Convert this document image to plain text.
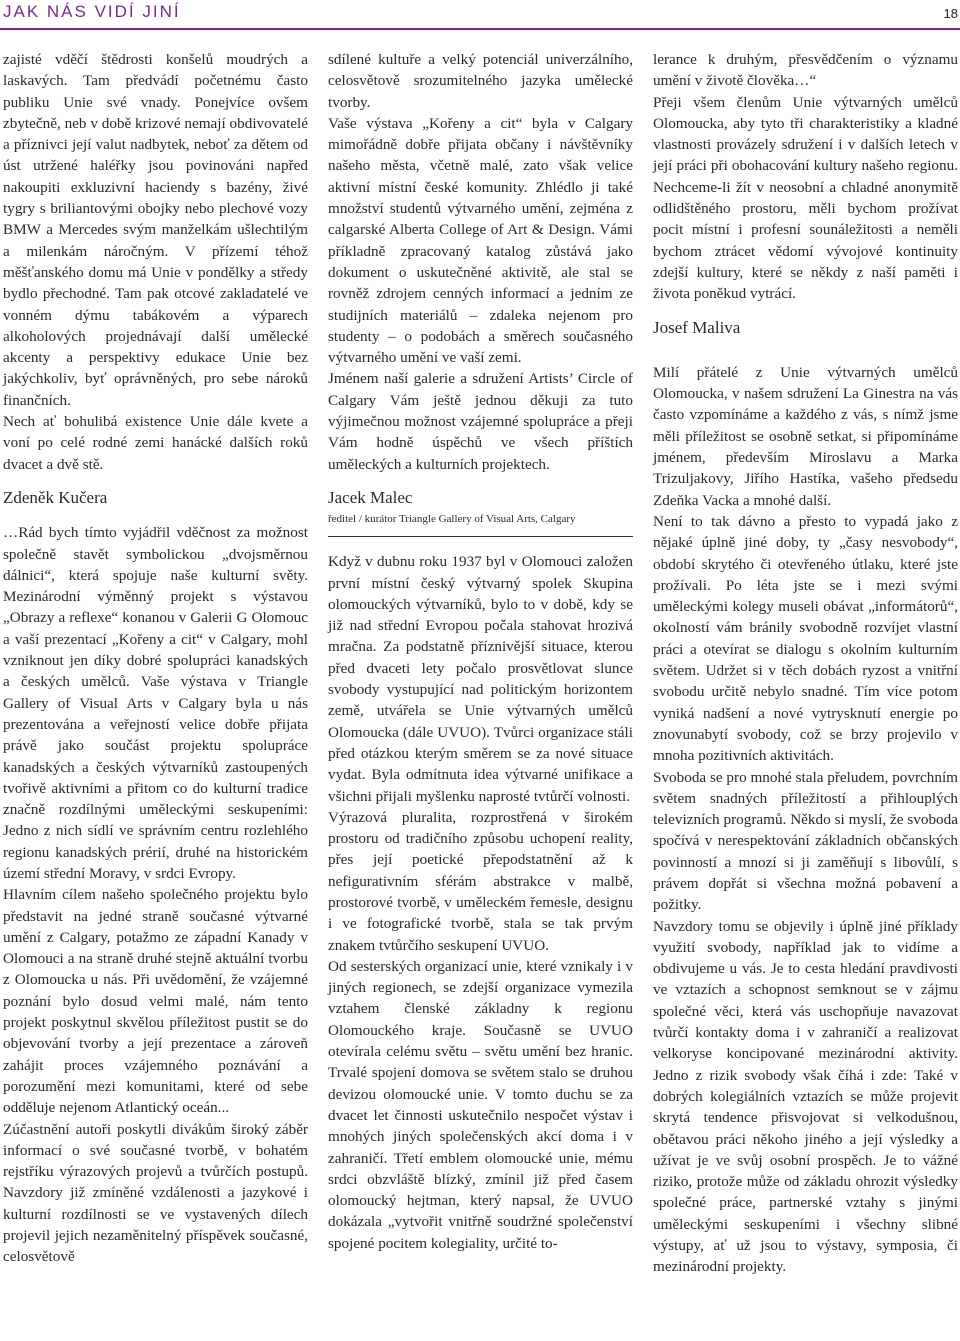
JAK NÁS VIDÍ JINÍ	18

zajisté vděčí štědrosti konšelů moudrých a laskavých. Tam předvádí početnému často publiku Unie své vnady. Ponejvíce ovšem zbytečně, neb v době krizové nemají obdivovatelé a příznivci její valut nadbytek, neboť za dětem od úst utržené haléřky jsou povinováni napřed nakoupiti exkluzivní haciendy s bazény, živé tygry s briliantovými obojky nebo plechové vozy BMW a Mercedes svým manželkám ušlechtilým a milenkám náročným. V přízemí téhož měšťanského domu má Unie v pondělky a středy bydlo přechodné. Tam pak otcové zakladatelé ve vonném dýmu tabákovém a výparech alkoholových projednávají další umělecké akcenty a perspektivy edukace Unie bez jakýchkoliv, byť oprávněných, pro sebe nároků finančních.

Nech ať bohulibá existence Unie dále kvete a voní po celé rodné zemi hanácké dalších roků dvacet a dvě stě.

Zdeněk Kučera

…Rád bych tímto vyjádřil vděčnost za možnost společně stavět symbolickou „dvojsměrnou dálnici“, která spojuje naše kulturní světy. Mezinárodní výměnný projekt s výstavou „Obrazy a reflexe“ konanou v Galerii G Olomouc a vaší prezentací „Kořeny a cit“ v Calgary, mohl vzniknout jen díky dobré spolupráci kanadských a českých umělců. Vaše výstava v Triangle Gallery of Visual Arts v Calgary byla u nás prezentována a veřejností velice dobře přijata právě jako součást projektu spolupráce kanadských a českých výtvarníků zastoupených tvořivě aktivními a přitom co do kulturní tradice značně rozdílnými uměleckými seskupeními: Jedno z nich sídlí ve správním centru rozlehlého regionu kanadských prérií, druhé na historickém území střední Moravy, v srdci Evropy.

Hlavním cílem našeho společného projektu bylo představit na jedné straně současné výtvarné umění z Calgary, potažmo ze západní Kanady v Olomouci a na straně druhé stejně aktuální tvorbu z Olomoucka u nás. Při uvědomění, že vzájemné poznání bylo dosud velmi malé, nám tento projekt poskytnul skvělou příležitost pustit se do objevování tvorby a její prezentace a zároveň zahájit proces vzájemného poznávání a porozumění mezi komunitami, které od sebe odděluje nejenom Atlantický oceán...

Zúčastnění autoři poskytli divákům široký záběr informací o své současné tvorbě, v bohatém rejstříku výrazových projevů a tvůrčích postupů. Navzdory již zmíněné vzdálenosti a jazykové i kulturní rozdílnosti se ve vystavených dílech projevil jejich nezaměnitelný příspěvek současné, celosvětově

sdílené kultuře a velký potenciál univerzálního, celosvětově srozumitelného jazyka umělecké tvorby.

Vaše výstava „Kořeny a cit“ byla v Calgary mimořádně dobře přijata občany i návštěvníky našeho města, včetně malé, zato však velice aktivní místní české komunity. Zhlédlo ji také množství studentů výtvarného umění, zejména z calgarské Alberta College of Art & Design. Vámi příkladně zpracovaný katalog zůstává jako dokument o uskutečněné aktivitě, ale stal se rovněž zdrojem cenných informací a jedním ze studijních materiálů – zdaleka nejenom pro studenty – o podobách a směrech současného výtvarného umění ve vaší zemi.

Jménem naší galerie a sdružení Artists’ Circle of Calgary Vám ještě jednou děkuji za tuto výjimečnou možnost vzájemné spolupráce a přeji Vám hodně úspěchů ve všech příštích uměleckých a kulturních projektech.

Jacek Malec

ředitel / kurátor Triangle Gallery of Visual Arts, Calgary

Když v dubnu roku 1937 byl v Olomouci založen první místní český výtvarný spolek Skupina olomouckých výtvarníků, bylo to v době, kdy se již nad střední Evropou počala stahovat hrozivá mračna. Za podstatně příznivější situace, kterou před dvaceti lety počalo prosvětlovat slunce svobody vystupující nad politickým horizontem země, utvářela se Unie výtvarných umělců Olomoucka (dále UVUO). Tvůrci organizace stáli před otázkou kterým směrem se za nové situace vydat. Byla odmítnuta idea výtvarné unifikace a všichni přijali myšlenku naprosté tvtůrčí volnosti.

Výrazová pluralita, rozprostřená v širokém prostoru od tradičního způsobu uchopení reality, přes její poetické přepodstatnění až k nefigurativním sférám abstrakce v malbě, prostorové tvorbě, v uměleckém řemesle, designu i ve fotografické tvorbě, stala se tak prvým znakem tvtůrčího seskupení UVUO.

Od sesterských organizací unie, které vznikaly i v jiných regionech, se zdejší organizace vymezila vztahem členské základny k regionu Olomouckého kraje. Současně se UVUO otevírala celému světu – světu umění bez hranic. Trvalé spojení domova se světem stalo se druhou devizou olomoucké unie. V tomto duchu se za dvacet let činnosti uskutečnilo nespočet výstav i mnohých jiných společenských akcí doma i v zahraničí. Třetí emblem olomoucké unie, mému srdci obzvláště blízký, zmínil již před časem olomoucký hejtman, který napsal, že UVUO dokázala „vytvořit vnitřně soudržné společenství spojené pocitem kolegiality, určité to-

lerance k druhým, přesvědčením o významu umění v životě člověka…“

Přeji všem členům Unie výtvarných umělců Olomoucka, aby tyto tři charakteristiky a kladné vlastnosti provázely sdružení i v dalších letech v její práci při obohacování kultury našeho regionu. Nechceme-li žít v neosobní a chladné anonymitě odlidštěného prostoru, měli bychom prožívat pocit místní i profesní sounáležitosti a neměli bychom ztrácet vědomí vývojové kontinuity zdejší kultury, které se někdy z naší paměti i života poněkud vytrácí.

Josef Maliva

Milí přátelé z Unie výtvarných umělců Olomoucka, v našem sdružení La Ginestra na vás často vzpomínáme a každého z vás, s nímž jsme měli příležitost se osobně setkat, si připomínáme jménem, především Miroslavu a Marka Trizuljakovy, Jiřího Hastíka, vašeho předsedu Zdeňka Vacka a mnohé další.

Není to tak dávno a přesto to vypadá jako z nějaké úplně jiné doby, ty „časy nesvobody“, období skrytého či otevřeného útlaku, které jste prožívali. Po léta jste se i mezi svými uměleckými kolegy museli obávat „informátorů“, okolností vám bránily svobodně rozvíjet vlastní práci a otevírat se dialogu s okolním kulturním světem. Udržet si v těch dobách ryzost a vnitřní svobodu určitě nebylo snadné. Tím více potom vyniká nadšení a nové vytrysknutí energie po znovunabytí svobody, což se brzy projevilo v mnoha pozitivních aktivitách.

Svoboda se pro mnohé stala přeludem, povrchním světem snadných příležitostí a přihlouplých televizních programů. Někdo si myslí, že svoboda spočívá v nerespektování základních občanských povinností a mnozí si ji zaměňují s libovůlí, s právem dopřát si všechna možná pobavení a požitky.

Navzdory tomu se objevily i úplně jiné příklady využití svobody, například jak to vidíme a obdivujeme u vás. Je to cesta hledání pravdivosti ve vztazích a schopnost semknout se v zájmu společné věci, která vás uschopňuje navazovat tvůrčí kontakty doma i v zahraničí a realizovat velkoryse koncipované mezinárodní aktivity. Jedno z rizik svobody však číhá i zde: Také v dobrých kolegiálních vztazích se může projevit skrytá tendence přisvojovat si velkodušnou, obětavou práci někoho jiného a její výsledky a užívat je ve svůj osobní prospěch. Je to vážné riziko, protože může od základu ohrozit výsledky společné práce, partnerské vztahy s jinými uměleckými seskupeními i všechny slibné výstupy, ať už jsou to výstavy, symposia, či mezinárodní projekty.
